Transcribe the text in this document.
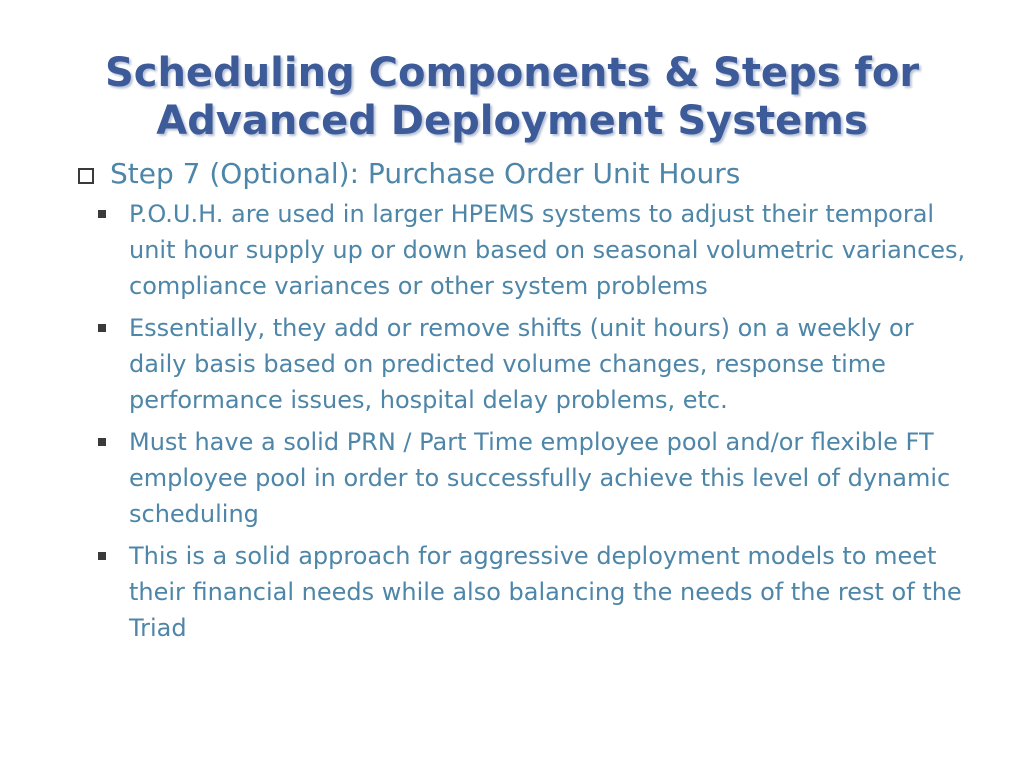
Scheduling Components & Steps for
Advanced Deployment Systems
Step 7 (Optional): Purchase Order Unit Hours
P.O.U.H. are used in larger HPEMS systems to adjust their temporal unit hour supply up or down based on seasonal volumetric variances, compliance variances or other system problems
Essentially, they add or remove shifts (unit hours) on a weekly or daily basis based on predicted volume changes, response time performance issues, hospital delay problems, etc.
Must have a solid PRN / Part Time employee pool and/or flexible FT employee pool in order to successfully achieve this level of dynamic scheduling
This is a solid approach for aggressive deployment models to meet their financial needs while also balancing the needs of the rest of the Triad
